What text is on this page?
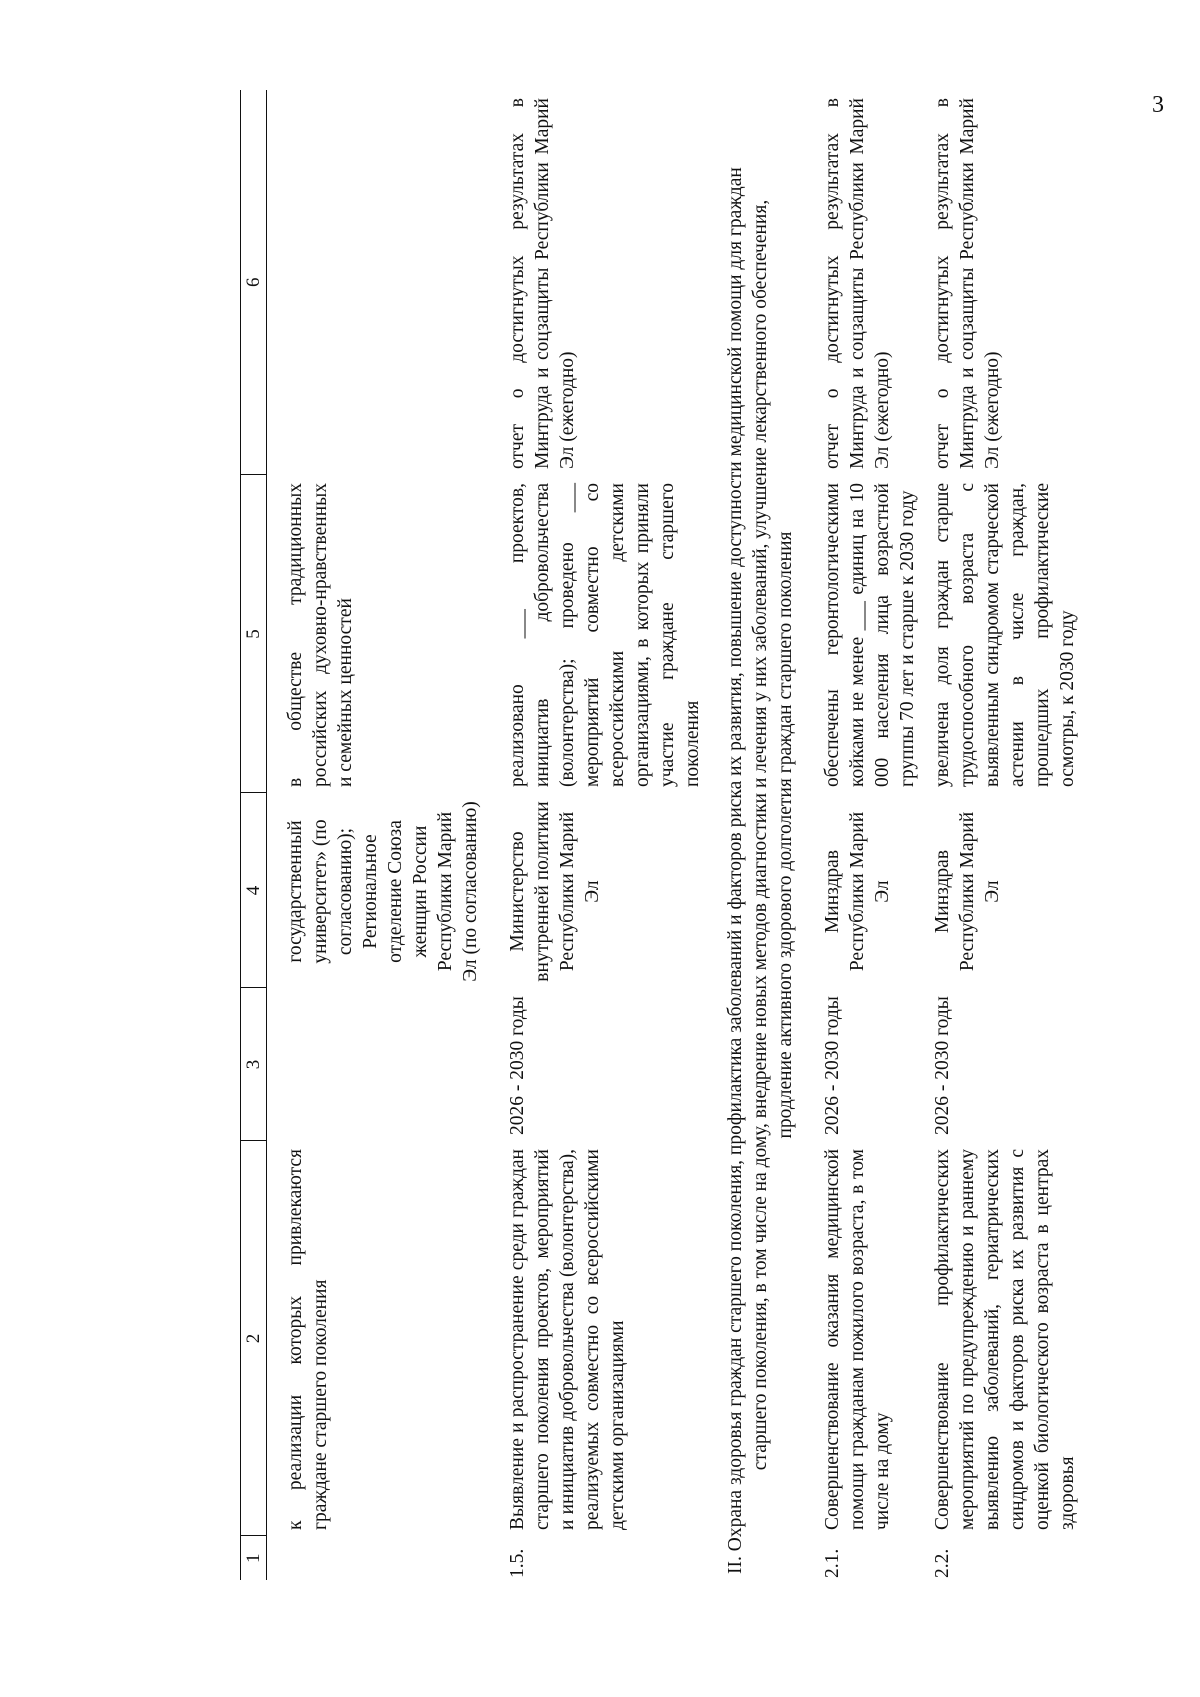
3
1	2	3	4	5	6
	к реализации которых привлекаются граждане старшего поколения		государственный университет» (по согласованию); Региональное отделение Союза женщин России Республики Марий Эл (по согласованию)	в обществе традиционных российских духовно-нравственных и семейных ценностей	
1.5.	Выявление и распространение среди граждан старшего поколения проектов, мероприятий и инициатив добровольчества (волонтерства), реализуемых совместно со всероссийскими детскими организациями	2026 - 2030 годы	Министерство внутренней политики Республики Марий Эл	реализовано ___ проектов, инициатив добровольчества (волонтерства); проведено ___ мероприятий совместно со всероссийскими детскими организациями, в которых приняли участие граждане старшего поколения	отчет о достигнутых результатах в Минтруда и соцзащиты Республики Марий Эл (ежегодно)

II. Охрана здоровья граждан старшего поколения, профилактика заболеваний и факторов риска их развития, повышение доступности медицинской помощи для граждан старшего поколения, в том числе на дому, внедрение новых методов диагностики и лечения у них заболеваний, улучшение лекарственного обеспечения, продление активного здорового долголетия граждан старшего поколения					

2.1.	Совершенствование оказания медицинской помощи гражданам пожилого возраста, в том числе на дому	2026 - 2030 годы	Минздрав Республики Марий Эл	обеспечены геронтологическими койками не менее ___ единиц на 10 000 населения лица возрастной группы 70 лет и старше к 2030 году	отчет о достигнутых результатах в Минтруда и соцзащиты Республики Марий Эл (ежегодно)
2.2.	Совершенствование профилактических мероприятий по предупреждению и раннему выявлению заболеваний, гериатрических синдромов и факторов риска их развития с оценкой биологического возраста в центрах здоровья	2026 - 2030 годы	Минздрав Республики Марий Эл	увеличена доля граждан старше трудоспособного возраста с выявленным синдромом старческой астении в числе граждан, прошедших профилактические осмотры, к 2030 году	отчет о достигнутых результатах в Минтруда и соцзащиты Республики Марий Эл (ежегодно)
